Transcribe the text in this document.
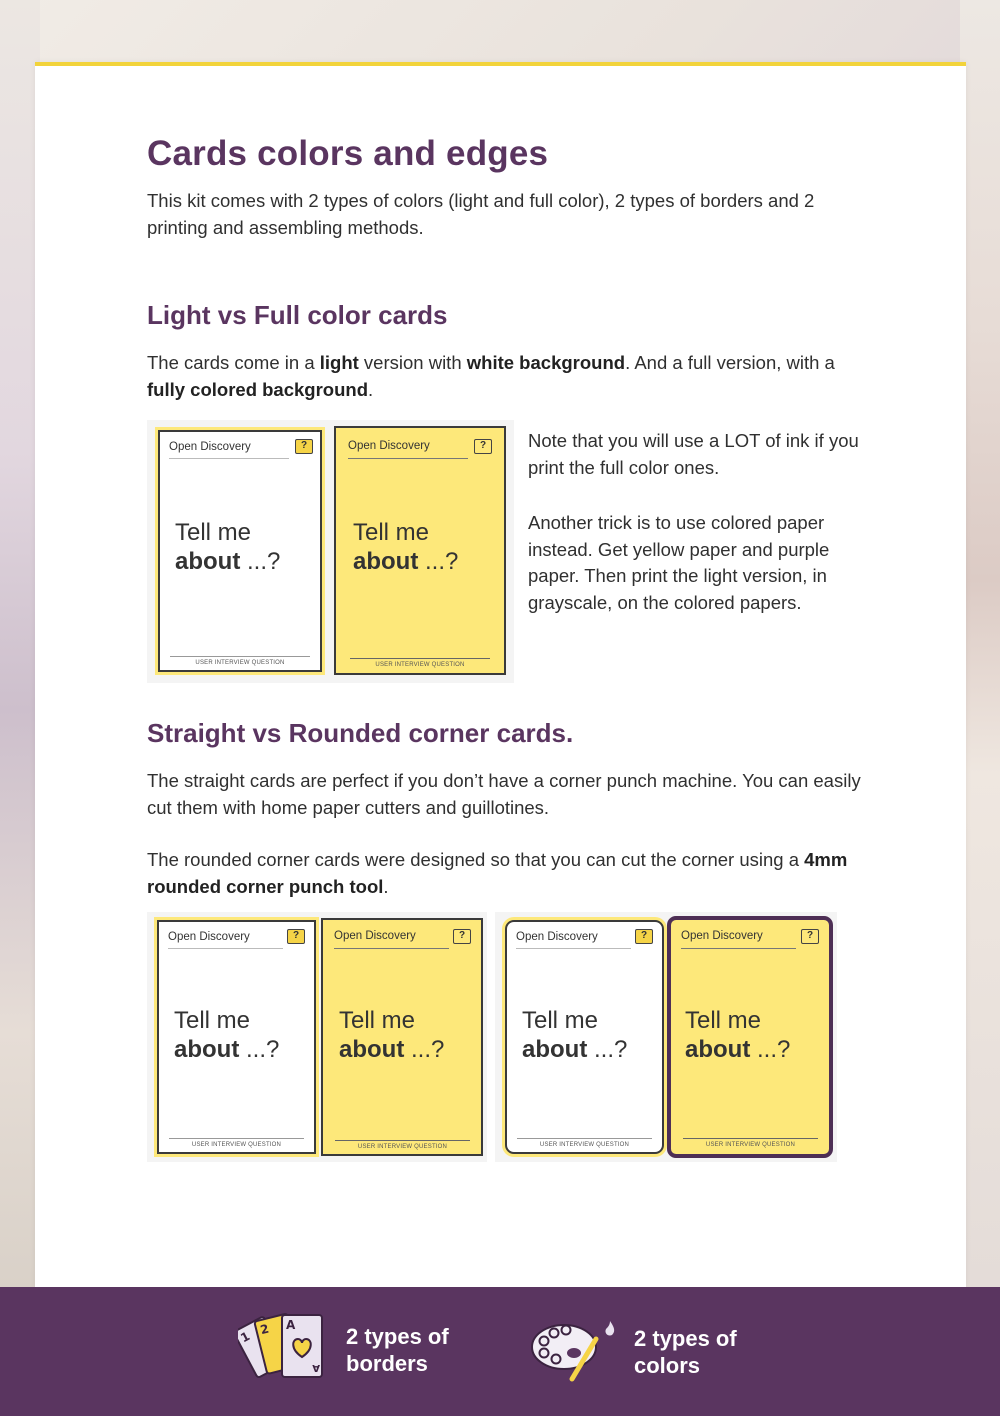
Cards colors and edges
This kit comes with 2 types of colors (light and full color), 2 types of borders and 2 printing and assembling methods.
Light vs Full color cards
The cards come in a light version with white background. And a full version, with a fully colored background.
Open Discovery	?
Tell me
about ...?
USER INTERVIEW QUESTION
Open Discovery	?
Tell me
about ...?
USER INTERVIEW QUESTION
Note that you will use a LOT of ink if you print the full color ones.
Another trick is to use colored paper instead. Get yellow paper and purple paper. Then print the light version, in grayscale, on the colored papers.
Straight vs Rounded corner cards.
The straight cards are perfect if you don’t have a corner punch machine. You can easily cut them with home paper cutters and guillotines.
The rounded corner cards were designed so that you can cut the corner using a 4mm rounded corner punch tool.
Open Discovery	?
Tell me
about ...?
USER INTERVIEW QUESTION
Open Discovery	?
Tell me
about ...?
USER INTERVIEW QUESTION
Open Discovery	?
Tell me
about ...?
USER INTERVIEW QUESTION
Open Discovery	?
Tell me
about ...?
USER INTERVIEW QUESTION
1 2 A
A
2 types of borders
2 types of colors
